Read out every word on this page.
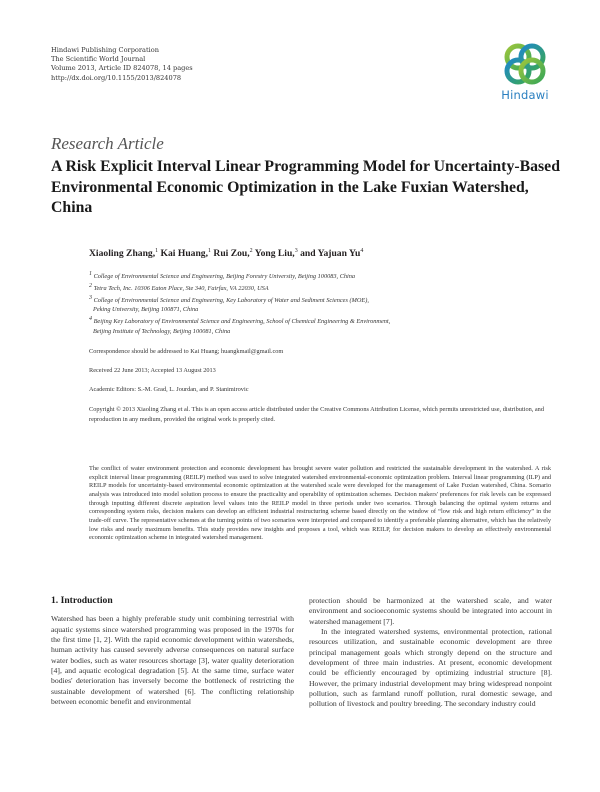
Hindawi Publishing Corporation
The Scientific World Journal
Volume 2013, Article ID 824078, 14 pages
http://dx.doi.org/10.1155/2013/824078
Hindawi
Research Article
A Risk Explicit Interval Linear Programming Model for Uncertainty-Based Environmental Economic Optimization in the Lake Fuxian Watershed, China
Xiaoling Zhang,$^1$ Kai Huang,$^1$ Rui Zou,$^2$ Yong Liu,$^3$ and Yajuan Yu$^4$
$^1$ College of Environmental Science and Engineering, Beijing Forestry University, Beijing 100083, China
$^2$ Tetra Tech, Inc. 10306 Eaton Place, Ste 340, Fairfax, VA 22030, USA
$^3$ College of Environmental Science and Engineering, Key Laboratory of Water and Sediment Sciences (MOE),
Peking University, Beijing 100871, China
$^4$ Beijing Key Laboratory of Environmental Science and Engineering, School of Chemical Engineering & Environment,
Beijing Institute of Technology, Beijing 100081, China
Correspondence should be addressed to Kai Huang; huangkmail@gmail.com
Received 22 June 2013; Accepted 13 August 2013
Academic Editors: S.-M. Grad, L. Jourdan, and P. Stanimirovic
Copyright © 2013 Xiaoling Zhang et al. This is an open access article distributed under the Creative Commons Attribution License, which permits unrestricted use, distribution, and reproduction in any medium, provided the original work is properly cited.
The conflict of water environment protection and economic development has brought severe water pollution and restricted the sustainable development in the watershed. A risk explicit interval linear programming (REILP) method was used to solve integrated watershed environmental-economic optimization problem. Interval linear programming (ILP) and REILP models for uncertainty-based environmental economic optimization at the watershed scale were developed for the management of Lake Fuxian watershed, China. Scenario analysis was introduced into model solution process to ensure the practicality and operability of optimization schemes. Decision makers' preferences for risk levels can be expressed through inputting different discrete aspiration level values into the REILP model in three periods under two scenarios. Through balancing the optimal system returns and corresponding system risks, decision makers can develop an efficient industrial restructuring scheme based directly on the window of “low risk and high return efficiency” in the trade-off curve. The representative schemes at the turning points of two scenarios were interpreted and compared to identify a preferable planning alternative, which has the relatively low risks and nearly maximum benefits. This study provides new insights and proposes a tool, which was REILP, for decision makers to develop an effectively environmental economic optimization scheme in integrated watershed management.
1. Introduction

Watershed has been a highly preferable study unit combining terrestrial with aquatic systems since watershed programming was proposed in the 1970s for the first time [1, 2]. With the rapid economic development within watersheds, human activity has caused severely adverse consequences on natural surface water bodies, such as water resources shortage [3], water quality deterioration [4], and aquatic ecological degradation [5]. At the same time, surface water bodies' deterioration has inversely become the bottleneck of restricting the sustainable development of watershed [6]. The conflicting relationship between economic benefit and environmental

protection should be harmonized at the watershed scale, and water environment and socioeconomic systems should be integrated into account in watershed management [7].

In the integrated watershed systems, environmental protection, rational resources utilization, and sustainable economic development are three principal management goals which strongly depend on the structure and development of three main industries. At present, economic development could be efficiently encouraged by optimizing industrial structure [8]. However, the primary industrial development may bring widespread nonpoint pollution, such as farmland runoff pollution, rural domestic sewage, and pollution of livestock and poultry breeding. The secondary industry could
